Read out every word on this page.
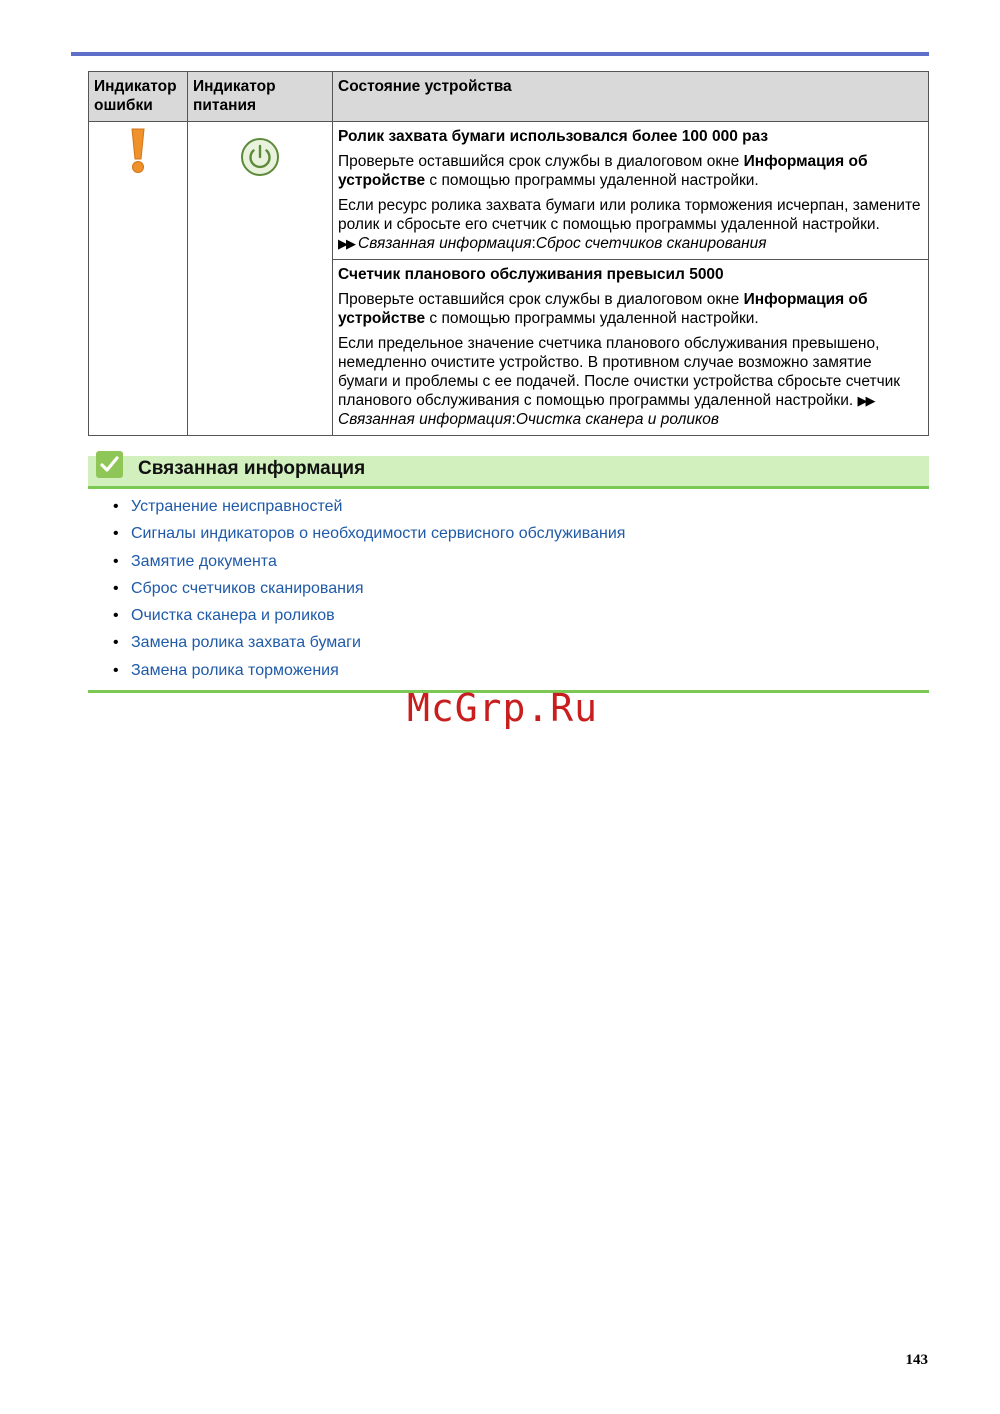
Индикатор ошибки	Индикатор питания	Состояние устройства

Ролик захвата бумаги использовался более 100 000 раз
Проверьте оставшийся срок службы в диалоговом окне Информация об устройстве с помощью программы удаленной настройки.
Если ресурс ролика захвата бумаги или ролика торможения исчерпан, замените ролик и сбросьте его счетчик с помощью программы удаленной настройки. ▶▶ Связанная информация:Сброс счетчиков сканирования

		Счетчик планового обслуживания превысил 5000
Проверьте оставшийся срок службы в диалоговом окне Информация об устройстве с помощью программы удаленной настройки.
Если предельное значение счетчика планового обслуживания превышено, немедленно очистите устройство. В противном случае возможно замятие бумаги и проблемы с ее подачей. После очистки устройства сбросьте счетчик планового обслуживания с помощью программы удаленной настройки. ▶▶
Связанная информация:Очистка сканера и роликов
Связанная информация
• Устранение неисправностей
• Сигналы индикаторов о необходимости сервисного обслуживания
• Замятие документа
• Сброс счетчиков сканирования
• Очистка сканера и роликов
• Замена ролика захвата бумаги
• Замена ролика торможения
McGrp.Ru
143
